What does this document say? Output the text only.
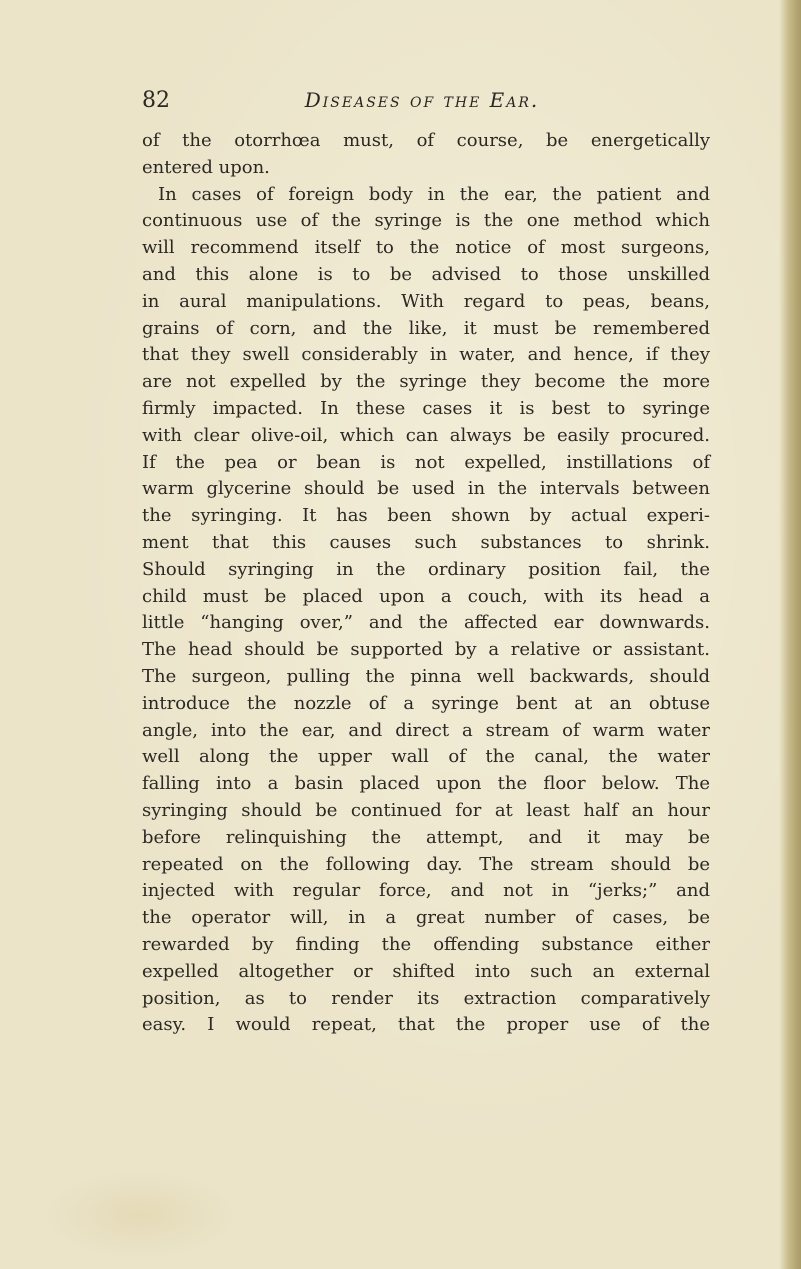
82	Diseases of the Ear.
of the otorrhœa must, of course, be energetically
entered upon.
In cases of foreign body in the ear, the patient and
continuous use of the syringe is the one method which
will recommend itself to the notice of most surgeons,
and this alone is to be advised to those unskilled
in aural manipulations. With regard to peas, beans,
grains of corn, and the like, it must be remembered
that they swell considerably in water, and hence, if they
are not expelled by the syringe they become the more
firmly impacted. In these cases it is best to syringe
with clear olive-oil, which can always be easily procured.
If the pea or bean is not expelled, instillations of
warm glycerine should be used in the intervals between
the syringing. It has been shown by actual experi-
ment that this causes such substances to shrink.
Should syringing in the ordinary position fail, the
child must be placed upon a couch, with its head a
little “hanging over,” and the affected ear downwards.
The head should be supported by a relative or assistant.
The surgeon, pulling the pinna well backwards, should
introduce the nozzle of a syringe bent at an obtuse
angle, into the ear, and direct a stream of warm water
well along the upper wall of the canal, the water
falling into a basin placed upon the floor below. The
syringing should be continued for at least half an hour
before relinquishing the attempt, and it may be
repeated on the following day. The stream should be
injected with regular force, and not in “jerks;” and
the operator will, in a great number of cases, be
rewarded by finding the offending substance either
expelled altogether or shifted into such an external
position, as to render its extraction comparatively
easy. I would repeat, that the proper use of the
